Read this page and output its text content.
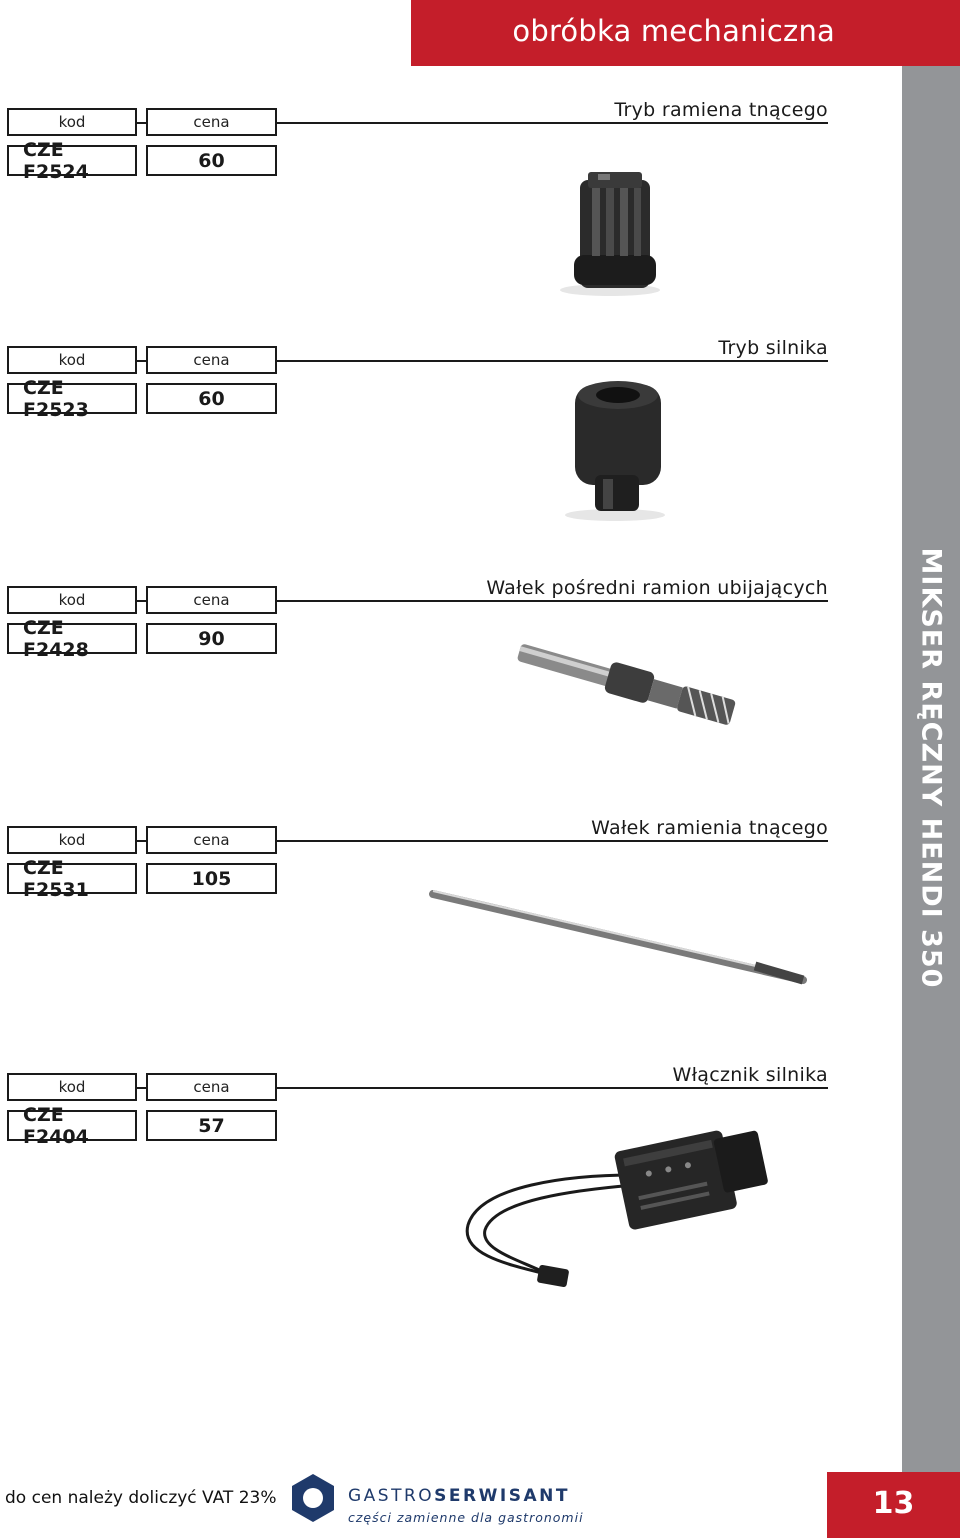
obróbka mechaniczna
MIKSER RĘCZNY HENDI 350
kod	cena
Tryb ramiena tnącego
CZE F2524	60
kod	cena
Tryb silnika
CZE F2523	60
kod	cena
Wałek pośredni ramion ubijających
CZE F2428	90
kod	cena
Wałek ramienia tnącego
CZE F2531	105
kod	cena
Włącznik silnika
CZE F2404	57
do cen należy doliczyć VAT 23%	GASTROSERWISANT
części zamienne dla gastronomii	13
